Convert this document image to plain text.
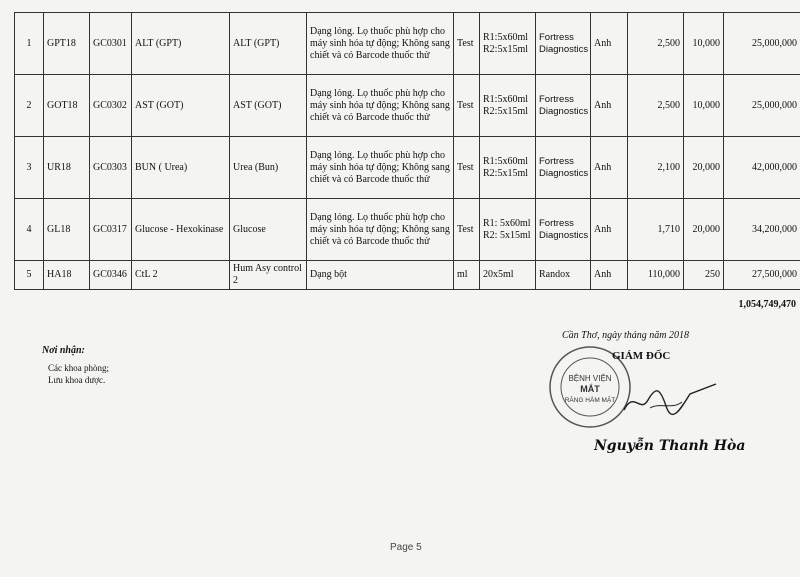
1	GPT18	GC0301	ALT (GPT)	ALT (GPT)	Dạng lỏng. Lọ thuốc phù hợp cho máy sinh hóa tự động; Không sang chiết và có Barcode thuốc thử	Test	R1:5x60ml R2:5x15ml	Fortress Diagnostics	Anh	2,500	10,000	25,000,000
2	GOT18	GC0302	AST (GOT)	AST (GOT)	Dạng lỏng. Lọ thuốc phù hợp cho máy sinh hóa tự động; Không sang chiết và có Barcode thuốc thử	Test	R1:5x60ml R2:5x15ml	Fortress Diagnostics	Anh	2,500	10,000	25,000,000
3	UR18	GC0303	BUN ( Urea)	Urea (Bun)	Dạng lỏng. Lọ thuốc phù hợp cho máy sinh hóa tự động; Không sang chiết và có Barcode thuốc thử	Test	R1:5x60ml R2:5x15ml	Fortress Diagnostics	Anh	2,100	20,000	42,000,000
4	GL18	GC0317	Glucose - Hexokinase	Glucose	Dạng lỏng. Lọ thuốc phù hợp cho máy sinh hóa tự động; Không sang chiết và có Barcode thuốc thử	Test	R1: 5x60ml R2: 5x15ml	Fortress Diagnostics	Anh	1,710	20,000	34,200,000
5	HA18	GC0346	CtL 2	Hum Asy control 2	Dạng bột	ml	20x5ml	Randox	Anh	110,000	250	27,500,000
1,054,749,470
Nơi nhận:
Các khoa phòng;
Lưu khoa dược.
Cần Thơ, ngày tháng năm 2018
BỆNH VIỆN
MẮT
RĂNG HÀM MẶT
GIÁM ĐỐC
Nguyễn Thanh Hòa
Page 5
